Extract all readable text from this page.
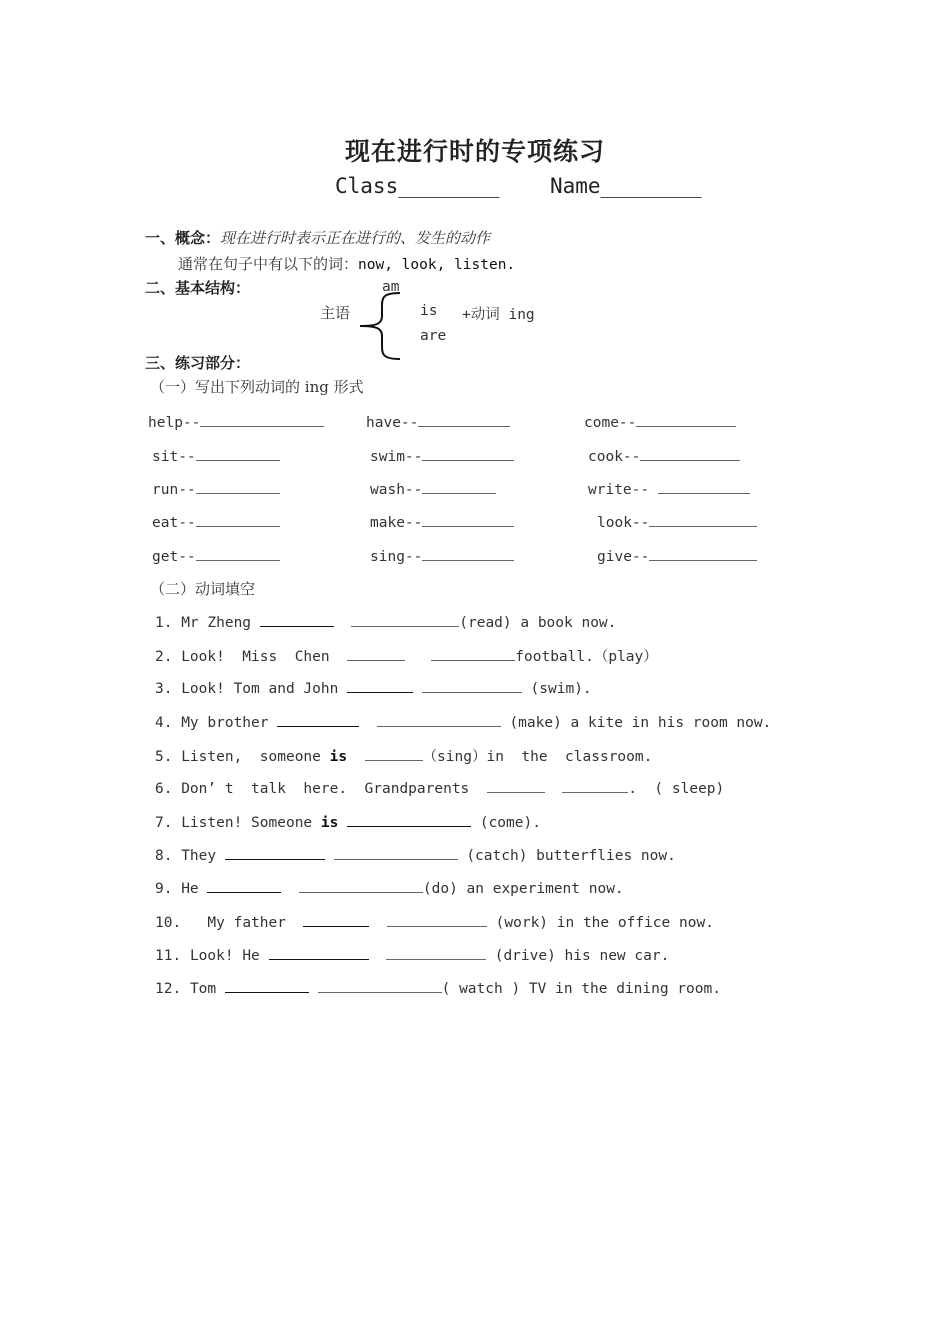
现在进行时的专项练习
Class________ Name________
一、概念：现在进行时表示正在进行的、发生的动作
通常在句子中有以下的词：now, look, listen.
二、基本结构：	am
主语	is +动词 ing
are
三、练习部分：
（一）写出下列动词的 ing 形式
help--	have--	come--
sit--	swim--	cook--
run--	wash--	write--
eat--	make--	look--
get--	sing--	give--
（二）动词填空
1. Mr Zheng	(read) a book now.
2. Look!  Miss  Chen	football.（play）
3. Look! Tom and John	(swim).
4. My brother	(make) a kite in his room now.
5. Listen,  someone is	（sing）in  the  classroom.
6. Don’ t  talk  here.  Grandparents	.  ( sleep)
7. Listen! Someone is	(come).
8. They	(catch) butterflies now.
9. He	(do) an experiment now.
10. My father	(work) in the office now.
11. Look! He	(drive) his new car.
12. Tom	( watch ) TV in the dining room.
